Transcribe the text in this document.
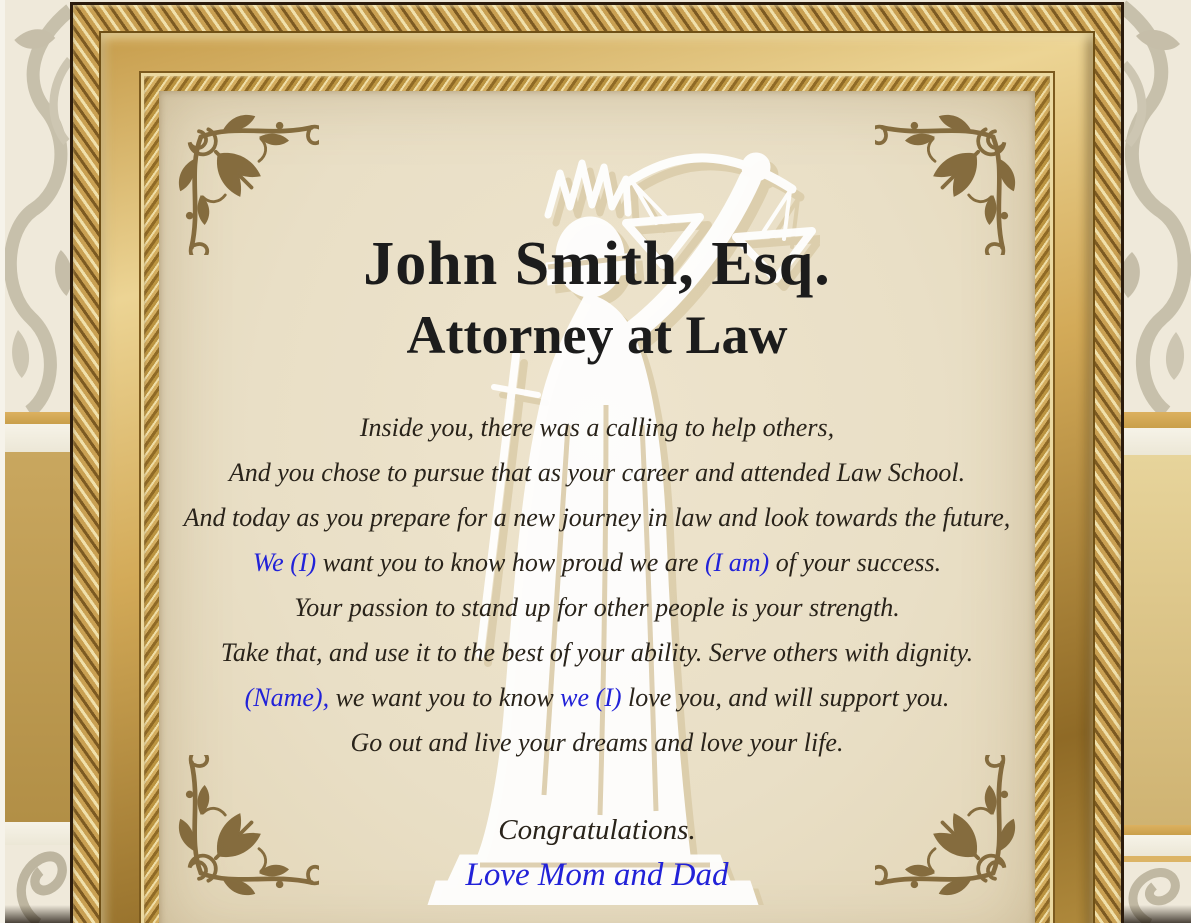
John Smith, Esq.
Attorney at Law
Inside you, there was a calling to help others,
And you chose to pursue that as your career and attended Law School.
And today as you prepare for a new journey in law and look towards the future,
We (I) want you to know how proud we are (I am) of your success.
Your passion to stand up for other people is your strength.
Take that, and use it to the best of your ability. Serve others with dignity.
(Name), we want you to know we (I) love you, and will support you.
Go out and live your dreams and love your life.
Congratulations.
Love Mom and Dad
